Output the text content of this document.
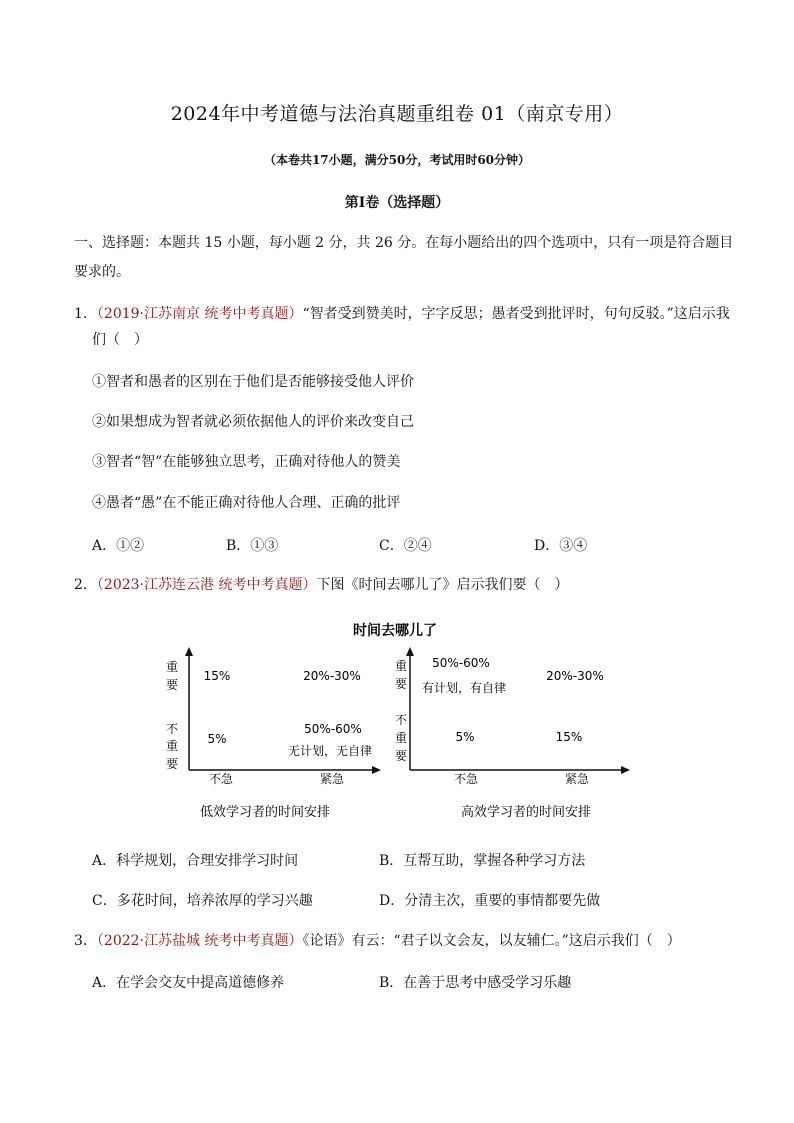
2024年中考道德与法治真题重组卷 01（南京专用）
（本卷共17小题，满分50分，考试用时60分钟）
第Ⅰ卷（选择题）
一、选择题：本题共 15 小题，每小题 2 分，共 26 分。在每小题给出的四个选项中，只有一项是符合题目
要求的。
1．（2019·江苏南京 统考中考真题）“智者受到赞美时，字字反思；愚者受到批评时，句句反驳。”这启示我
们（　）
①智者和愚者的区别在于他们是否能够接受他人评价
②如果想成为智者就必须依据他人的评价来改变自己
③智者“智”在能够独立思考，正确对待他人的赞美
④愚者“愚”在不能正确对待他人合理、正确的批评
A．①②	B．①③	C．②④	D．③④
2．（2023·江苏连云港 统考中考真题）下图《时间去哪儿了》启示我们要（　）
时间去哪儿了
重
要
不
重
要
15%	20%-30%
5%
50%-60%
无计划，无自律
不急	紧急
低效学习者的时间安排
重
要
不
重
要
50%-60%
有计划，有自律
20%-30%
5%	15%
不急	紧急
高效学习者的时间安排
A．科学规划，合理安排学习时间	B．互帮互助，掌握各种学习方法
C．多花时间，培养浓厚的学习兴趣	D．分清主次，重要的事情都要先做
3．（2022·江苏盐城 统考中考真题）《论语》有云：“君子以文会友，以友辅仁。”这启示我们（　）
A．在学会交友中提高道德修养	B．在善于思考中感受学习乐趣
